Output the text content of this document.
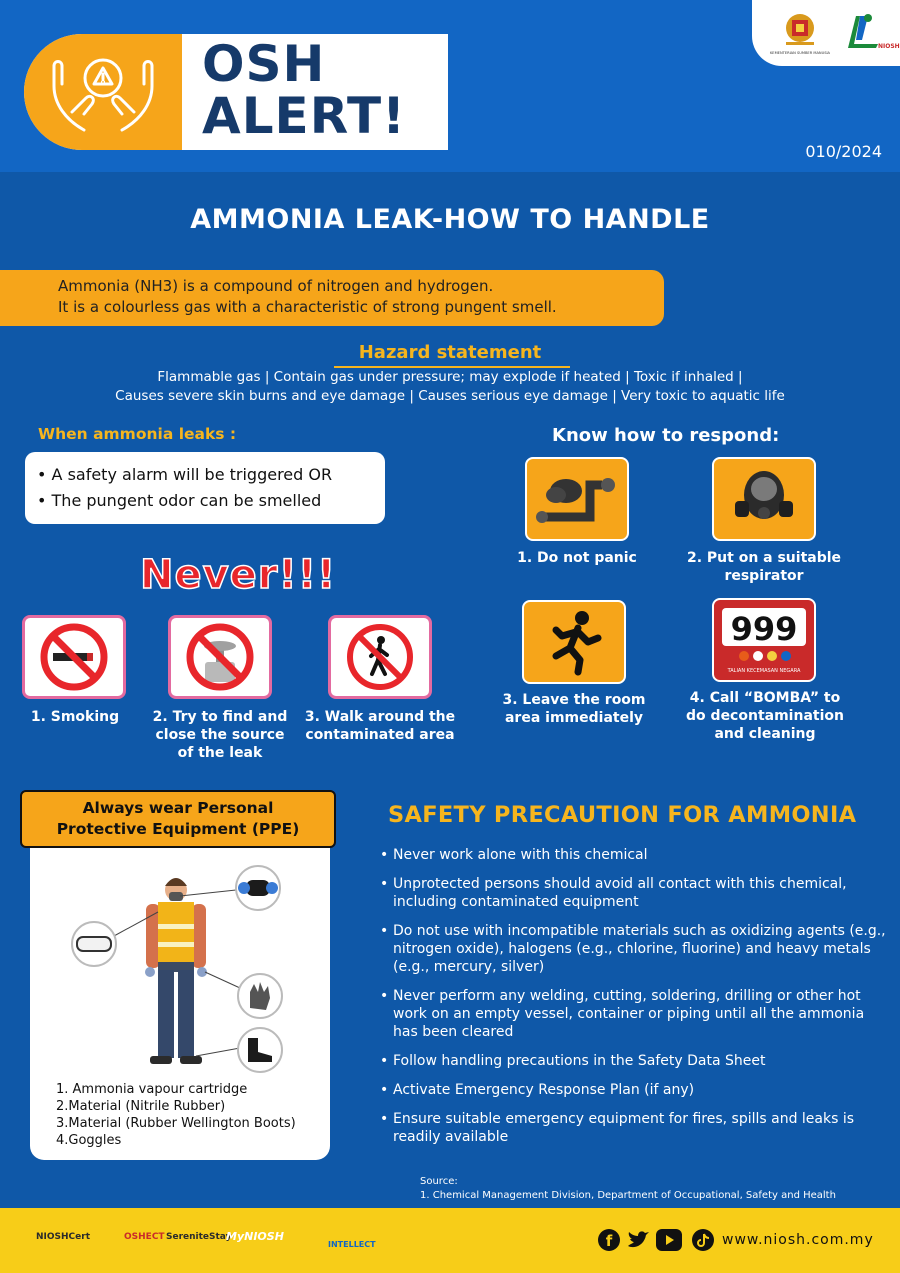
OSH ALERT!
KEMENTERIAN SUMBER MANUSIA
NIOSH
010/2024
AMMONIA LEAK-HOW TO HANDLE
Ammonia (NH3) is a compound of nitrogen and hydrogen.
It is a colourless gas with a characteristic of strong pungent smell.
Hazard statement
Flammable gas | Contain gas under pressure; may explode if heated | Toxic if inhaled |
Causes severe skin burns and eye damage | Causes serious eye damage | Very toxic to aquatic life
When ammonia leaks :
• A safety alarm will be triggered OR
• The pungent odor can be smelled
Never!!!
1. Smoking	2. Try to find and close the source of the leak
3. Walk around the contaminated area
Know how to respond:
999
TALIAN KECEMASAN NEGARA
1. Do not panic	2. Put on a suitable respirator
3. Leave the room area immediately
4. Call “BOMBA” to do decontamination and cleaning
Always wear Personal
Protective Equipment (PPE)
1. Ammonia vapour cartridge
2.Material (Nitrile Rubber)
3.Material (Rubber Wellington Boots)
4.Goggles
SAFETY PRECAUTION FOR AMMONIA
• Never work alone with this chemical
• Unprotected persons should avoid all contact with this chemical, including contaminated equipment
• Do not use with incompatible materials such as oxidizing agents (e.g., nitrogen oxide), halogens (e.g., chlorine, fluorine) and heavy metals (e.g., mercury, silver)
• Never perform any welding, cutting, soldering, drilling or other hot work on an empty vessel, container or piping until all the ammonia has been cleared
• Follow handling precautions in the Safety Data Sheet
• Activate Emergency Response Plan (if any)
• Ensure suitable emergency equipment for fires, spills and leaks is readily available
Source:
1. Chemical Management Division, Department of Occupational, Safety and Health
NIOSHCert	OSHECT SereniteStay
MyNIOSH
INTELLECT	f	www.niosh.com.my
